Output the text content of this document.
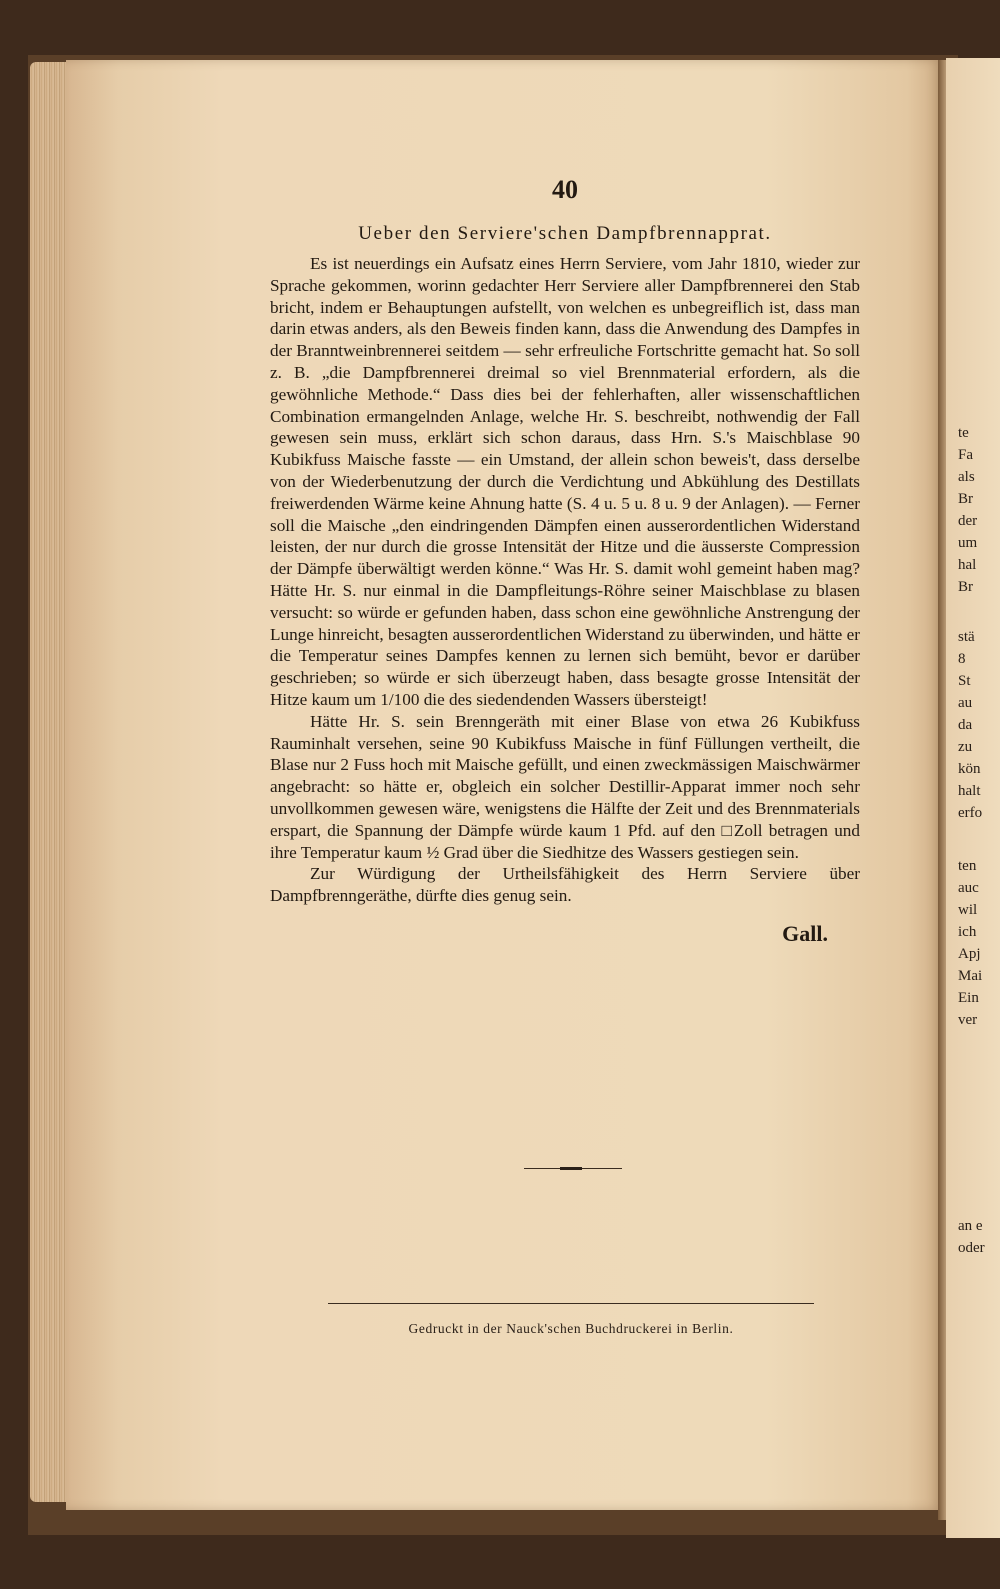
te
Fa
als
Br
der
um
hal
Br
stä
8
St
au
da
zu
kön
halt
erfo
ten
auc
wil
ich
Apj
Mai
Ein
ver
an e
oder
40
Ueber den Serviere'schen Dampfbrennapprat.

Es ist neuerdings ein Aufsatz eines Herrn Serviere, vom Jahr 1810, wieder zur Sprache gekommen, worinn gedachter Herr Serviere aller Dampfbrennerei den Stab bricht, indem er Behauptungen aufstellt, von welchen es unbegreiflich ist, dass man darin etwas anders, als den Beweis finden kann, dass die Anwendung des Dampfes in der Branntweinbrennerei seitdem — sehr erfreuliche Fortschritte gemacht hat. So soll z. B. „die Dampfbrennerei dreimal so viel Brennmaterial erfordern, als die gewöhnliche Methode.“ Dass dies bei der fehlerhaften, aller wissenschaftlichen Combination ermangelnden Anlage, welche Hr. S. beschreibt, nothwendig der Fall gewesen sein muss, erklärt sich schon daraus, dass Hrn. S.'s Maischblase 90 Kubikfuss Maische fasste — ein Umstand, der allein schon beweis't, dass derselbe von der Wiederbenutzung der durch die Verdichtung und Abkühlung des Destillats freiwerdenden Wärme keine Ahnung hatte (S. 4 u. 5 u. 8 u. 9 der Anlagen). — Ferner soll die Maische „den eindringenden Dämpfen einen ausserordentlichen Widerstand leisten, der nur durch die grosse Intensität der Hitze und die äusserste Compression der Dämpfe überwältigt werden könne.“ Was Hr. S. damit wohl gemeint haben mag? Hätte Hr. S. nur einmal in die Dampfleitungs-Röhre seiner Maischblase zu blasen versucht: so würde er gefunden haben, dass schon eine gewöhnliche Anstrengung der Lunge hinreicht, besagten ausserordentlichen Widerstand zu überwinden, und hätte er die Temperatur seines Dampfes kennen zu lernen sich bemüht, bevor er darüber geschrieben; so würde er sich überzeugt haben, dass besagte grosse Intensität der Hitze kaum um 1/100 die des siedendenden Wassers übersteigt!

Hätte Hr. S. sein Brenngeräth mit einer Blase von etwa 26 Kubikfuss Rauminhalt versehen, seine 90 Kubikfuss Maische in fünf Füllungen vertheilt, die Blase nur 2 Fuss hoch mit Maische gefüllt, und einen zweckmässigen Maischwärmer angebracht: so hätte er, obgleich ein solcher Destillir-Apparat immer noch sehr unvollkommen gewesen wäre, wenigstens die Hälfte der Zeit und des Brennmaterials erspart, die Spannung der Dämpfe würde kaum 1 Pfd. auf den □Zoll betragen und ihre Temperatur kaum ½ Grad über die Siedhitze des Wassers gestiegen sein.

Zur Würdigung der Urtheilsfähigkeit des Herrn Serviere über Dampfbrenngeräthe, dürfte dies genug sein.

Gall.
Gedruckt in der Nauck'schen Buchdruckerei in Berlin.
